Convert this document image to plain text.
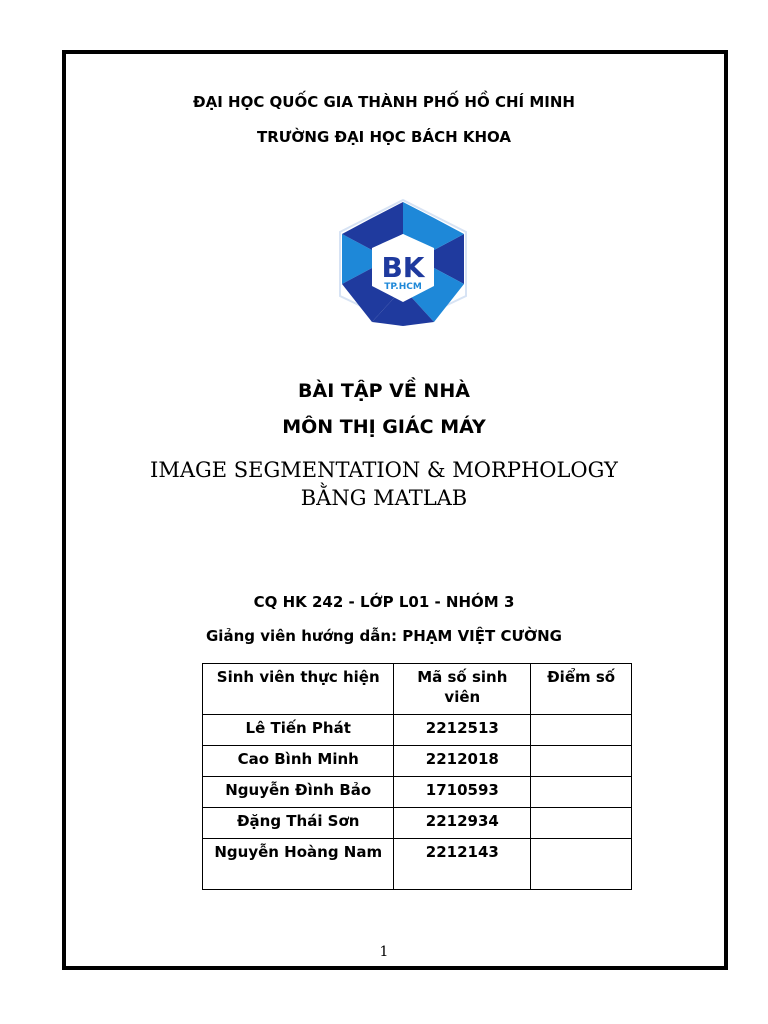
ĐẠI HỌC QUỐC GIA THÀNH PHỐ HỒ CHÍ MINH
TRƯỜNG ĐẠI HỌC BÁCH KHOA
BK
TP.HCM
BÀI TẬP VỀ NHÀ
MÔN THỊ GIÁC MÁY
IMAGE SEGMENTATION & MORPHOLOGY
BẰNG MATLAB
CQ HK 242 - LỚP L01 - NHÓM 3
Giảng viên hướng dẫn: PHẠM VIỆT CƯỜNG
Sinh viên thực hiện	Mã số sinh viên	Điểm số
Lê Tiến Phát	2212513	
Cao Bình Minh	2212018	
Nguyễn Đình Bảo	1710593	
Đặng Thái Sơn	2212934	
Nguyễn Hoàng Nam	2212143	
1
